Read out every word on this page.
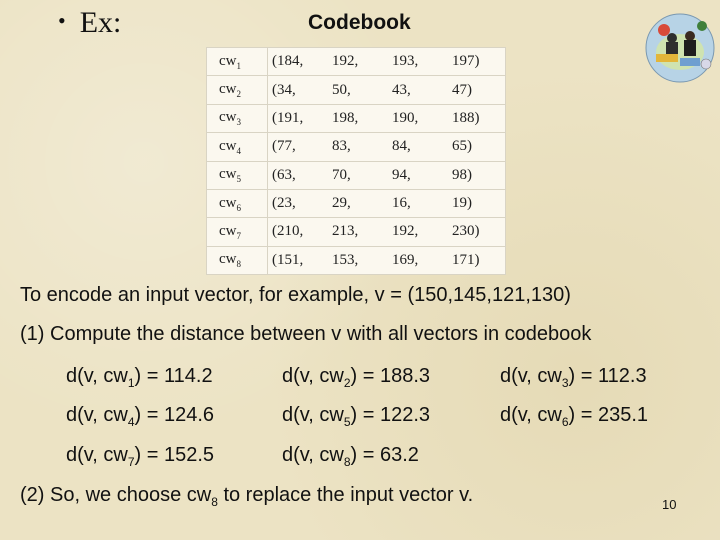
• Ex:	Codebook
$cw_1$	(184, 192, 193, 197)
$cw_2$	(34, 50, 43, 47)
$cw_3$	(191, 198, 190, 188)
$cw_4$	(77, 83, 84, 65)
$cw_5$	(63, 70, 94, 98)
$cw_6$	(23, 29, 16, 19)
$cw_7$	(210, 213, 192, 230)
$cw_8$	(151, 153, 169, 171)
To encode an input vector, for example, v = (150,145,121,130)
(1) Compute the distance between v with all vectors in codebook
d(v, $cw_1) = 114.2$	d(v, $cw_2) = 188.3$	d(v, $cw_3) = 112.3$
d(v, $cw_4) = 124.6$	d(v, $cw_5) = 122.3$	d(v, $cw_6) = 235.1$
d(v, $cw_7) = 152.5$	d(v, $cw_8) = 63.2$
(2) So, we choose $cw_8$ to replace the input vector v.	10
